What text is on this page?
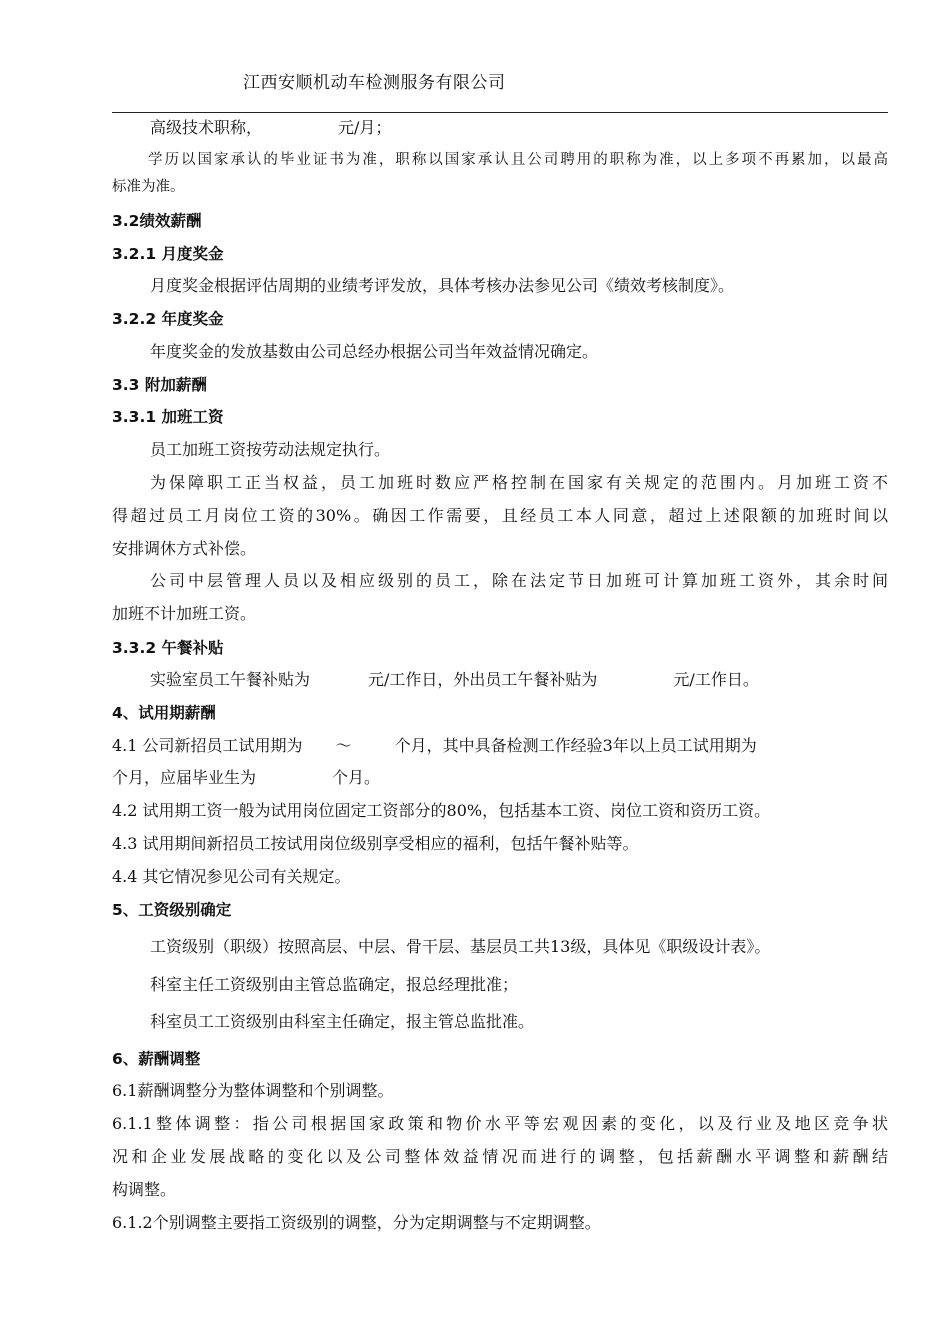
江西安顺机动车检测服务有限公司
高级技术职称，	元/月；
学历以国家承认的毕业证书为准，职称以国家承认且公司聘用的职称为准，以上多项不再累加，以最高
标准为准。
3.2绩效薪酬
3.2.1 月度奖金
月度奖金根据评估周期的业绩考评发放，具体考核办法参见公司《绩效考核制度》。
3.2.2 年度奖金
年度奖金的发放基数由公司总经办根据公司当年效益情况确定。
3.3 附加薪酬
3.3.1 加班工资
员工加班工资按劳动法规定执行。
为保障职工正当权益，员工加班时数应严格控制在国家有关规定的范围内。月加班工资不
得超过员工月岗位工资的30%。确因工作需要，且经员工本人同意，超过上述限额的加班时间以
安排调休方式补偿。
公司中层管理人员以及相应级别的员工，除在法定节日加班可计算加班工资外，其余时间
加班不计加班工资。
3.3.2 午餐补贴
实验室员工午餐补贴为	元/工作日，外出员工午餐补贴为	元/工作日。
4、试用期薪酬
4.1 公司新招员工试用期为 ～	个月，其中具备检测工作经验3年以上员工试用期为
个月，应届毕业生为	个月。
4.2 试用期工资一般为试用岗位固定工资部分的80%，包括基本工资、岗位工资和资历工资。
4.3 试用期间新招员工按试用岗位级别享受相应的福利，包括午餐补贴等。
4.4 其它情况参见公司有关规定。
5、工资级别确定
工资级别（职级）按照高层、中层、骨干层、基层员工共13级，具体见《职级设计表》。
科室主任工资级别由主管总监确定，报总经理批准；
科室员工工资级别由科室主任确定，报主管总监批准。
6、薪酬调整
6.1薪酬调整分为整体调整和个别调整。
6.1.1整体调整：指公司根据国家政策和物价水平等宏观因素的变化，以及行业及地区竞争状
况和企业发展战略的变化以及公司整体效益情况而进行的调整，包括薪酬水平调整和薪酬结
构调整。
6.1.2个别调整主要指工资级别的调整，分为定期调整与不定期调整。
